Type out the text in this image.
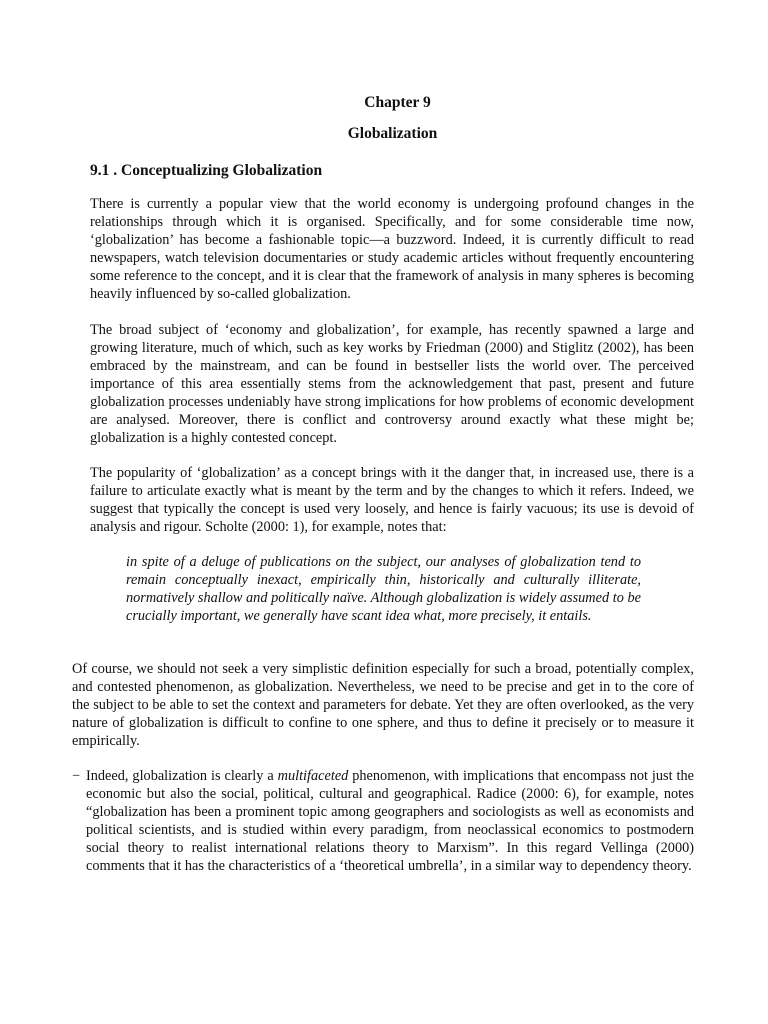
Chapter 9
Globalization
9.1 . Conceptualizing Globalization

There is currently a popular view that the world economy is undergoing profound changes in the relationships through which it is organised. Specifically, and for some considerable time now, ‘globalization’ has become a fashionable topic—a buzzword. Indeed, it is currently difficult to read newspapers, watch television documentaries or study academic articles without frequently encountering some reference to the concept, and it is clear that the framework of analysis in many spheres is becoming heavily influenced by so-called globalization.

The broad subject of ‘economy and globalization’, for example, has recently spawned a large and growing literature, much of which, such as key works by Friedman (2000) and Stiglitz (2002), has been embraced by the mainstream, and can be found in bestseller lists the world over. The perceived importance of this area essentially stems from the acknowledgement that past, present and future globalization processes undeniably have strong implications for how problems of economic development are analysed. Moreover, there is conflict and controversy around exactly what these might be; globalization is a highly contested concept.

The popularity of ‘globalization’ as a concept brings with it the danger that, in increased use, there is a failure to articulate exactly what is meant by the term and by the changes to which it refers. Indeed, we suggest that typically the concept is used very loosely, and hence is fairly vacuous; its use is devoid of analysis and rigour. Scholte (2000: 1), for example, notes that:

in spite of a deluge of publications on the subject, our analyses of globalization tend to remain conceptually inexact, empirically thin, historically and culturally illiterate, normatively shallow and politically naïve. Although globalization is widely assumed to be crucially important, we generally have scant idea what, more precisely, it entails.

Of course, we should not seek a very simplistic definition especially for such a broad, potentially complex, and contested phenomenon, as globalization. Nevertheless, we need to be precise and get in to the core of the subject to be able to set the context and parameters for debate. Yet they are often overlooked, as the very nature of globalization is difficult to confine to one sphere, and thus to define it precisely or to measure it empirically.

− Indeed, globalization is clearly a multifaceted phenomenon, with implications that encompass not just the economic but also the social, political, cultural and geographical. Radice (2000: 6), for example, notes “globalization has been a prominent topic among geographers and sociologists as well as economists and political scientists, and is studied within every paradigm, from neoclassical economics to postmodern social theory to realist international relations theory to Marxism”. In this regard Vellinga (2000) comments that it has the characteristics of a ‘theoretical umbrella’, in a similar way to dependency theory.
